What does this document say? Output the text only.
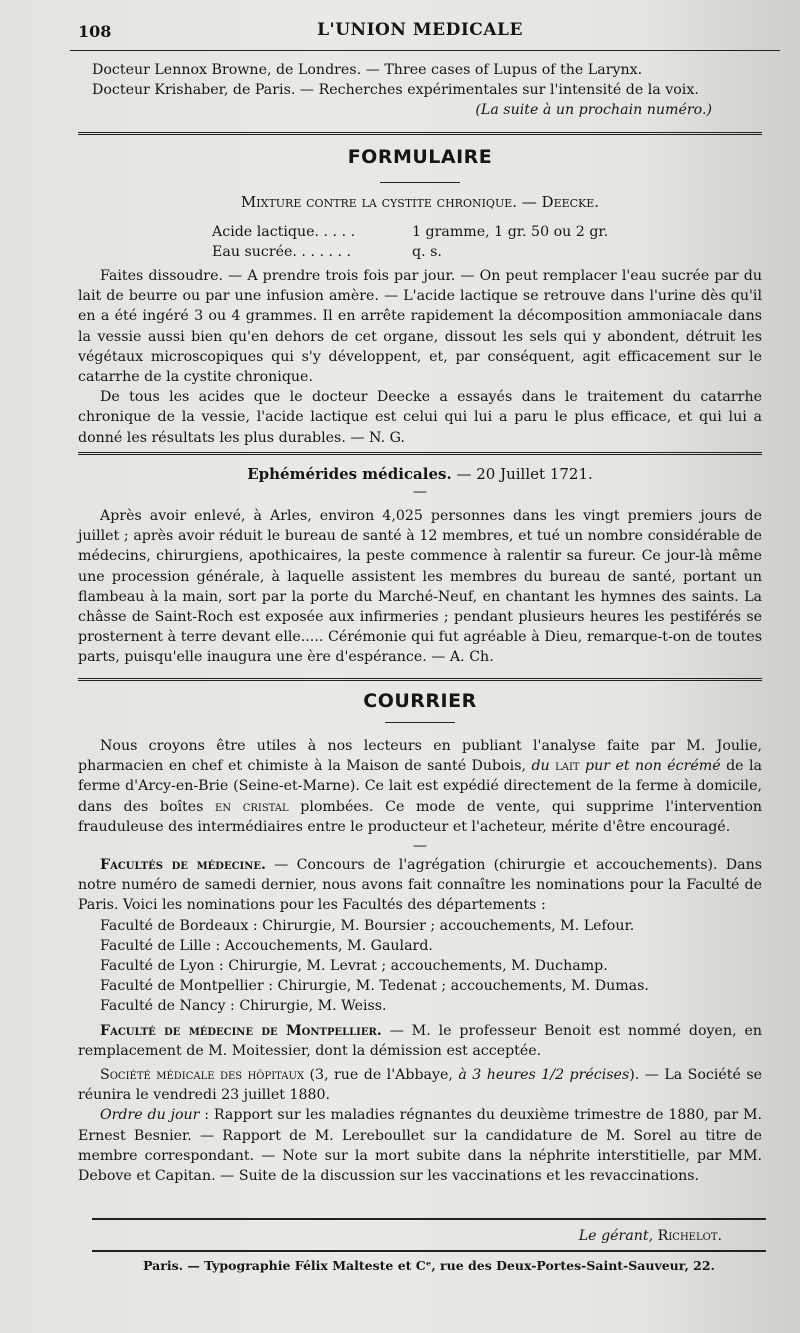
108	L'UNION MEDICALE

Docteur Lennox Browne, de Londres. — Three cases of Lupus of the Larynx.

Docteur Krishaber, de Paris. — Recherches expérimentales sur l'intensité de la voix.

(La suite à un prochain numéro.)

FORMULAIRE

Mixture contre la cystite chronique. — Deecke.

Acide lactique. . . . .	1 gramme, 1 gr. 50 ou 2 gr.
Eau sucrée. . . . . . .	q. s.

Faites dissoudre. — A prendre trois fois par jour. — On peut remplacer l'eau sucrée par du lait de beurre ou par une infusion amère. — L'acide lactique se retrouve dans l'urine dès qu'il en a été ingéré 3 ou 4 grammes. Il en arrête rapidement la décomposition ammoniacale dans la vessie aussi bien qu'en dehors de cet organe, dissout les sels qui y abondent, détruit les végétaux microscopiques qui s'y développent, et, par conséquent, agit efficacement sur le catarrhe de la cystite chronique.

De tous les acides que le docteur Deecke a essayés dans le traitement du catarrhe chronique de la vessie, l'acide lactique est celui qui lui a paru le plus efficace, et qui lui a donné les résultats les plus durables. — N. G.

Ephémérides médicales. — 20 Juillet 1721.

—

Après avoir enlevé, à Arles, environ 4,025 personnes dans les vingt premiers jours de juillet ; après avoir réduit le bureau de santé à 12 membres, et tué un nombre considérable de médecins, chirurgiens, apothicaires, la peste commence à ralentir sa fureur. Ce jour-là même une procession générale, à laquelle assistent les membres du bureau de santé, portant un flambeau à la main, sort par la porte du Marché-Neuf, en chantant les hymnes des saints. La châsse de Saint-Roch est exposée aux infirmeries ; pendant plusieurs heures les pestiférés se prosternent à terre devant elle..... Cérémonie qui fut agréable à Dieu, remarque-t-on de toutes parts, puisqu'elle inaugura une ère d'espérance. — A. Ch.

COURRIER

Nous croyons être utiles à nos lecteurs en publiant l'analyse faite par M. Joulie, pharmacien en chef et chimiste à la Maison de santé Dubois, du lait pur et non écrémé de la ferme d'Arcy-en-Brie (Seine-et-Marne). Ce lait est expédié directement de la ferme à domicile, dans des boîtes en cristal plombées. Ce mode de vente, qui supprime l'intervention frauduleuse des intermédiaires entre le producteur et l'acheteur, mérite d'être encouragé.

—

Facultés de médecine. — Concours de l'agrégation (chirurgie et accouchements). Dans notre numéro de samedi dernier, nous avons fait connaître les nominations pour la Faculté de Paris. Voici les nominations pour les Facultés des départements :

Faculté de Bordeaux : Chirurgie, M. Boursier ; accouchements, M. Lefour.

Faculté de Lille : Accouchements, M. Gaulard.

Faculté de Lyon : Chirurgie, M. Levrat ; accouchements, M. Duchamp.

Faculté de Montpellier : Chirurgie, M. Tedenat ; accouchements, M. Dumas.

Faculté de Nancy : Chirurgie, M. Weiss.

Faculté de médecine de Montpellier. — M. le professeur Benoit est nommé doyen, en remplacement de M. Moitessier, dont la démission est acceptée.

Société médicale des hôpitaux (3, rue de l'Abbaye, à 3 heures 1/2 précises). — La Société se réunira le vendredi 23 juillet 1880.

Ordre du jour : Rapport sur les maladies régnantes du deuxième trimestre de 1880, par M. Ernest Besnier. — Rapport de M. Lereboullet sur la candidature de M. Sorel au titre de membre correspondant. — Note sur la mort subite dans la néphrite interstitielle, par MM. Debove et Capitan. — Suite de la discussion sur les vaccinations et les revaccinations.

Le gérant, Richelot.

Paris. — Typographie Félix Malteste et Cᵉ, rue des Deux-Portes-Saint-Sauveur, 22.
